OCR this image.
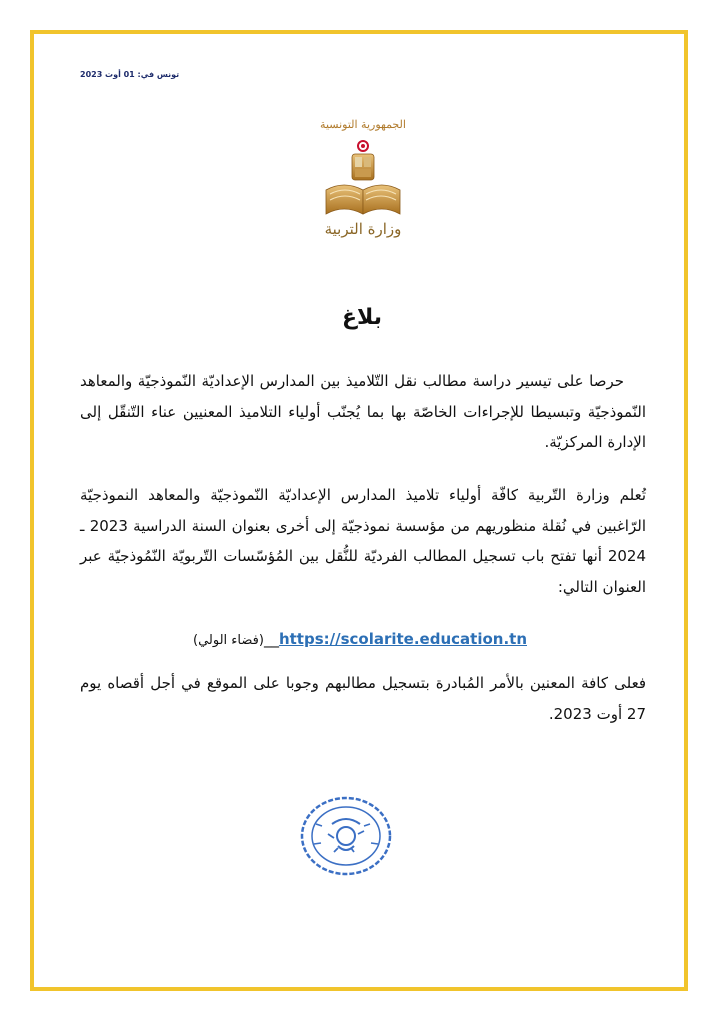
تونس في: 01 أوت 2023
الجمهورية التونسية
وزارة التربية
بلاغ
حرصا على تيسير دراسة مطالب نقل التّلاميذ بين المدارس الإعداديّة النّموذجيّة والمعاهد النّموذجيّة وتبسيطا للإجراءات الخاصّة بها بما يُجنّب أولياء التلاميذ المعنيين عناء التّنقّل إلى الإدارة المركزيّة.
تُعلم وزارة التّربية كافّة أولياء تلاميذ المدارس الإعداديّة النّموذجيّة والمعاهد النموذجيّة الرّاغبين في نُقلة منظوريهم من مؤسسة نموذجيّة إلى أخرى بعنوان السنة الدراسية 2023 ـ 2024 أنها تفتح باب تسجيل المطالب الفرديّة للنُّقل بين المُؤسّسات التّربويّة النّمُوذجيّة عبر العنوان التالي:
https://scolarite.education.tn__(فضاء الولي)
فعلى كافة المعنين بالأمر المُبادرة بتسجيل مطالبهم وجوبا على الموقع في أجل أقصاه يوم 27 أوت 2023.
